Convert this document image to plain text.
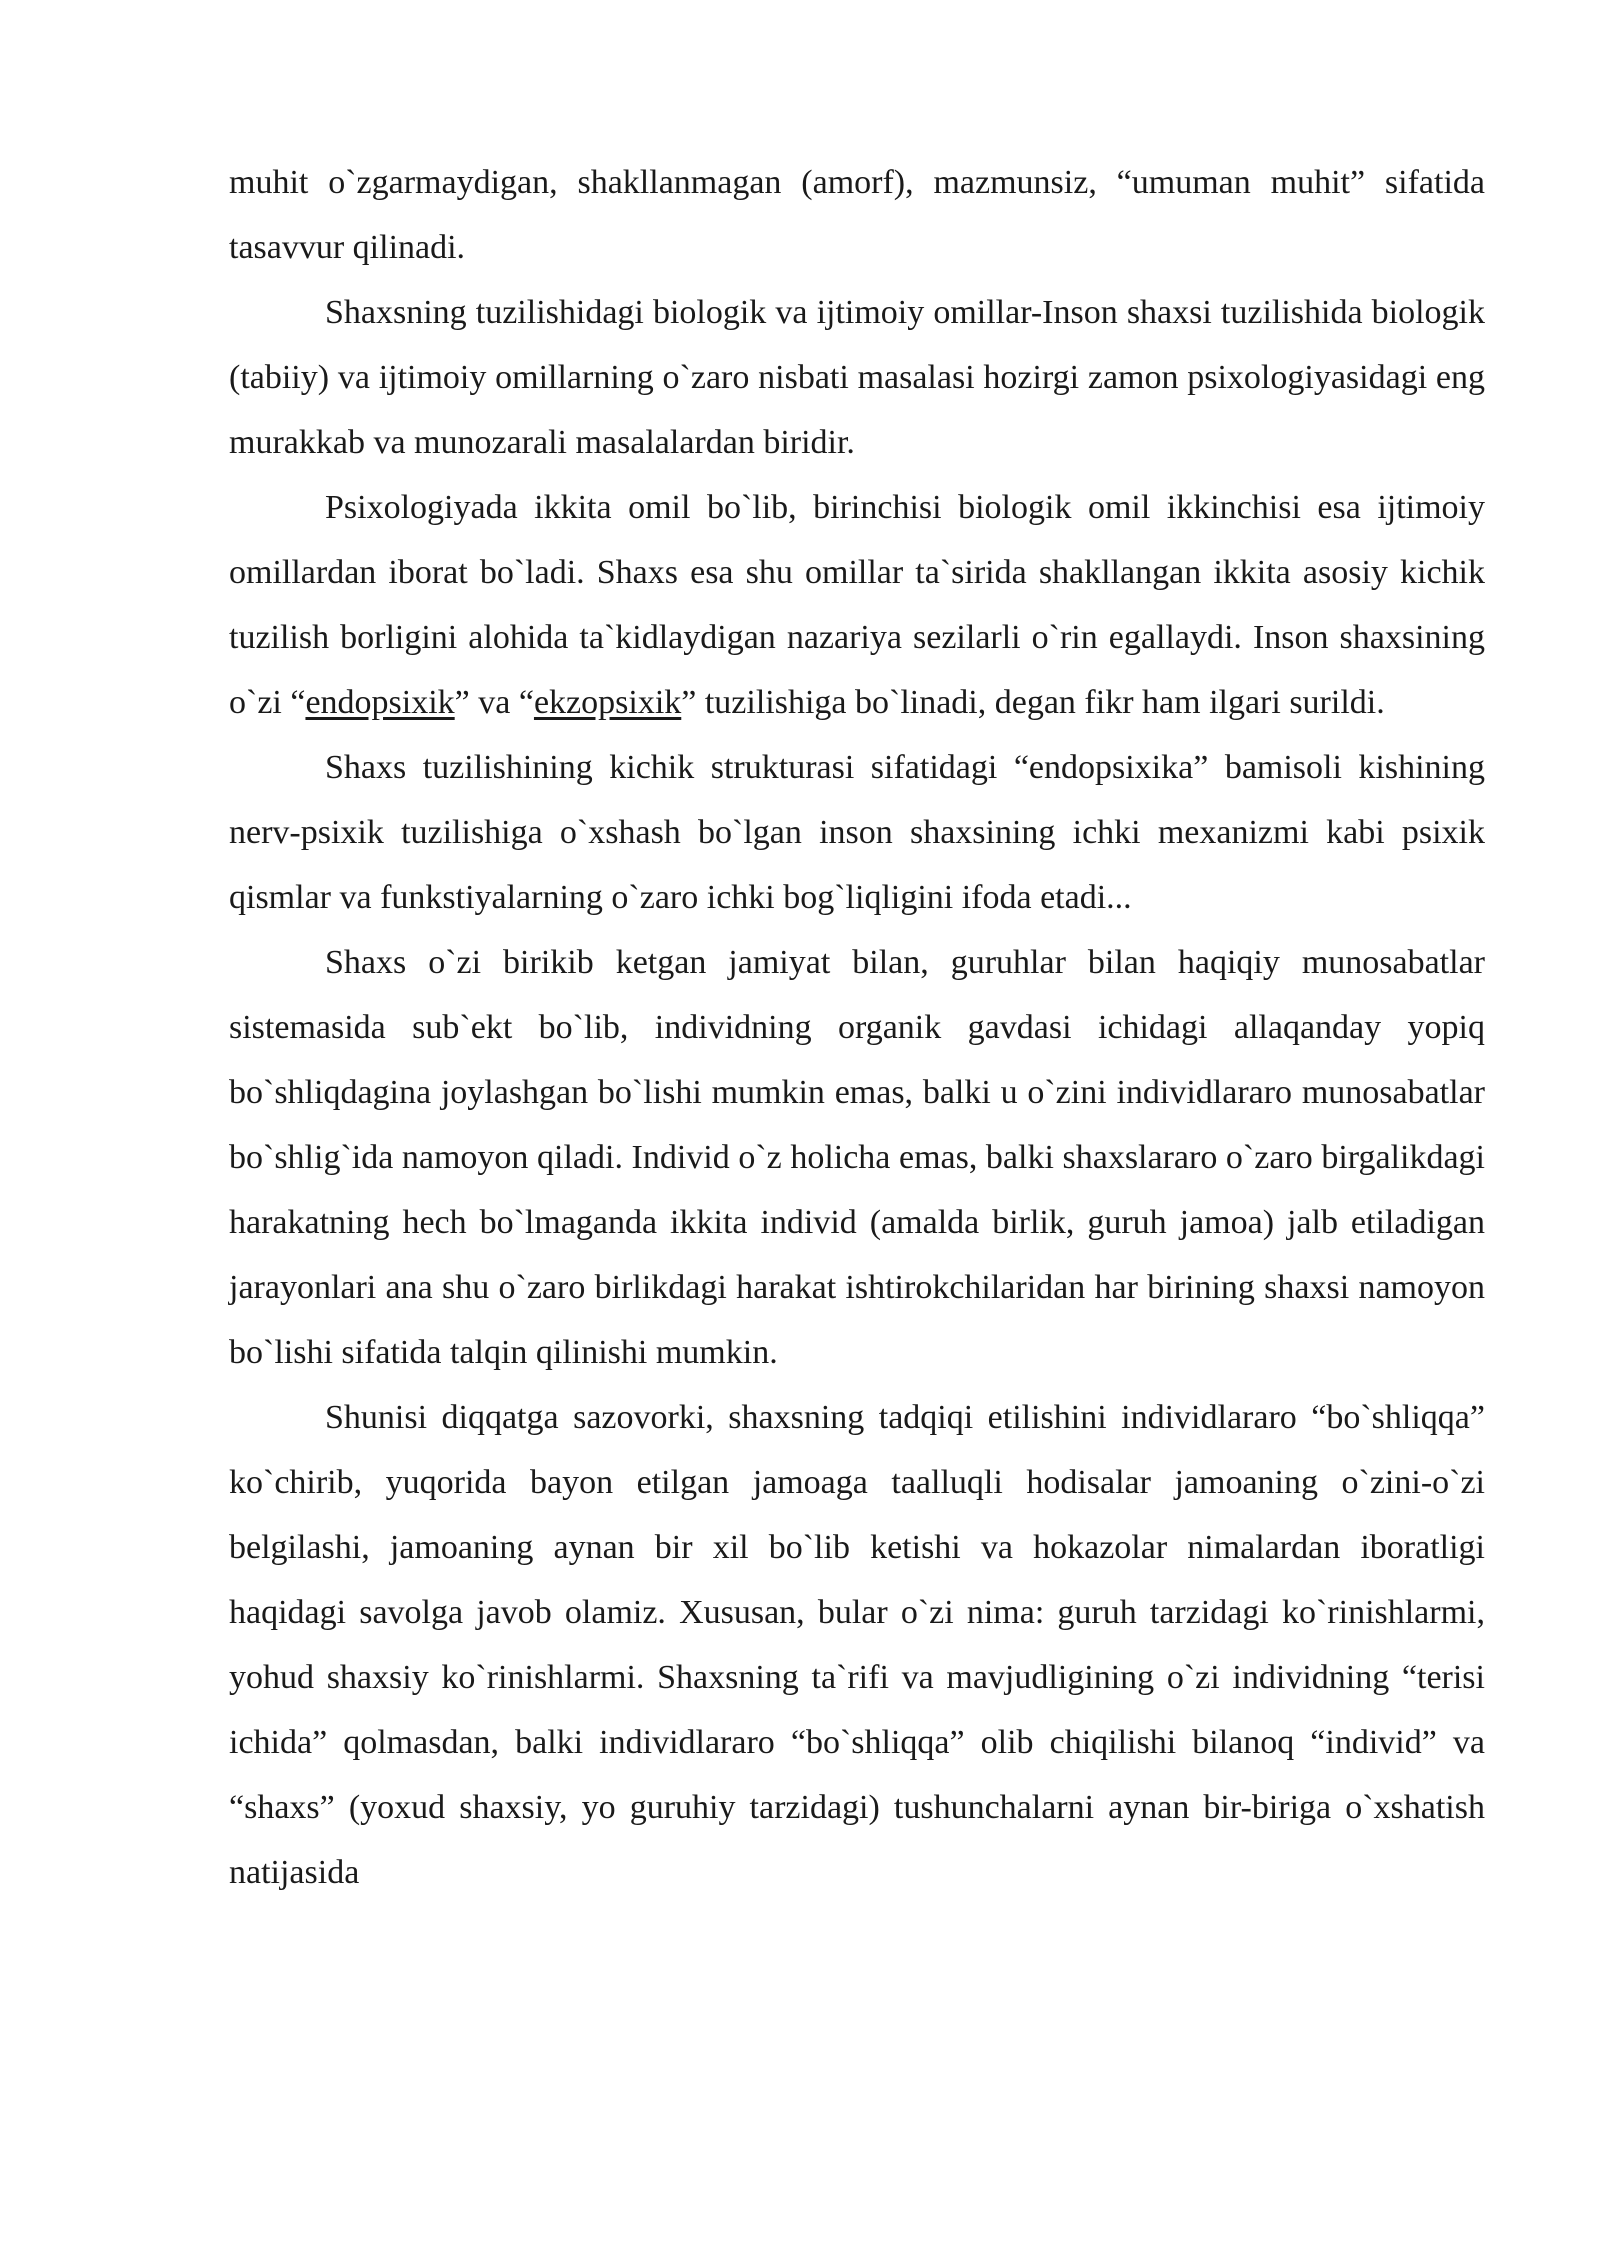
muhit o`zgarmaydigan, shakllanmagan (amorf), mazmunsiz, “umuman muhit” sifatida tasavvur qilinadi.

Shaxsning tuzilishidagi biologik va ijtimoiy omillar-Inson shaxsi tuzilishida biologik (tabiiy) va ijtimoiy omillarning o`zaro nisbati masalasi hozirgi zamon psixologiyasidagi eng murakkab va munozarali masalalardan biridir.

Psixologiyada ikkita omil bo`lib, birinchisi biologik omil ikkinchisi esa ijtimoiy omillardan iborat bo`ladi. Shaxs esa shu omillar ta`sirida shakllangan ikkita asosiy kichik tuzilish borligini alohida ta`kidlaydigan nazariya sezilarli o`rin egallaydi. Inson shaxsining o`zi “endopsixik” va “ekzopsixik” tuzilishiga bo`linadi, degan fikr ham ilgari surildi.

Shaxs tuzilishining kichik strukturasi sifatidagi “endopsixika” bamisoli kishining nerv-psixik tuzilishiga o`xshash bo`lgan inson shaxsining ichki mexanizmi kabi psixik qismlar va funkstiyalarning o`zaro ichki bog`liqligini ifoda etadi...

Shaxs o`zi birikib ketgan jamiyat bilan, guruhlar bilan haqiqiy munosabatlar sistemasida sub`ekt bo`lib, individning organik gavdasi ichidagi allaqanday yopiq bo`shliqdagina joylashgan bo`lishi mumkin emas, balki u o`zini individlararo munosabatlar bo`shlig`ida namoyon qiladi. Individ o`z holicha emas, balki shaxslararo o`zaro birgalikdagi harakatning hech bo`lmaganda ikkita individ (amalda birlik, guruh jamoa) jalb etiladigan jarayonlari ana shu o`zaro birlikdagi harakat ishtirokchilaridan har birining shaxsi namoyon bo`lishi sifatida talqin qilinishi mumkin.

Shunisi diqqatga sazovorki, shaxsning tadqiqi etilishini individlararo “bo`shliqqa” ko`chirib, yuqorida bayon etilgan jamoaga taalluqli hodisalar jamoaning o`zini-o`zi belgilashi, jamoaning aynan bir xil bo`lib ketishi va hokazolar nimalardan iboratligi haqidagi savolga javob olamiz. Xususan, bular o`zi nima: guruh tarzidagi ko`rinishlarmi, yohud shaxsiy ko`rinishlarmi. Shaxsning ta`rifi va mavjudligining o`zi individning “terisi ichida” qolmasdan, balki individlararo “bo`shliqqa” olib chiqilishi bilanoq “individ” va “shaxs” (yoxud shaxsiy, yo guruhiy tarzidagi) tushunchalarni aynan bir-biriga o`xshatish natijasida
